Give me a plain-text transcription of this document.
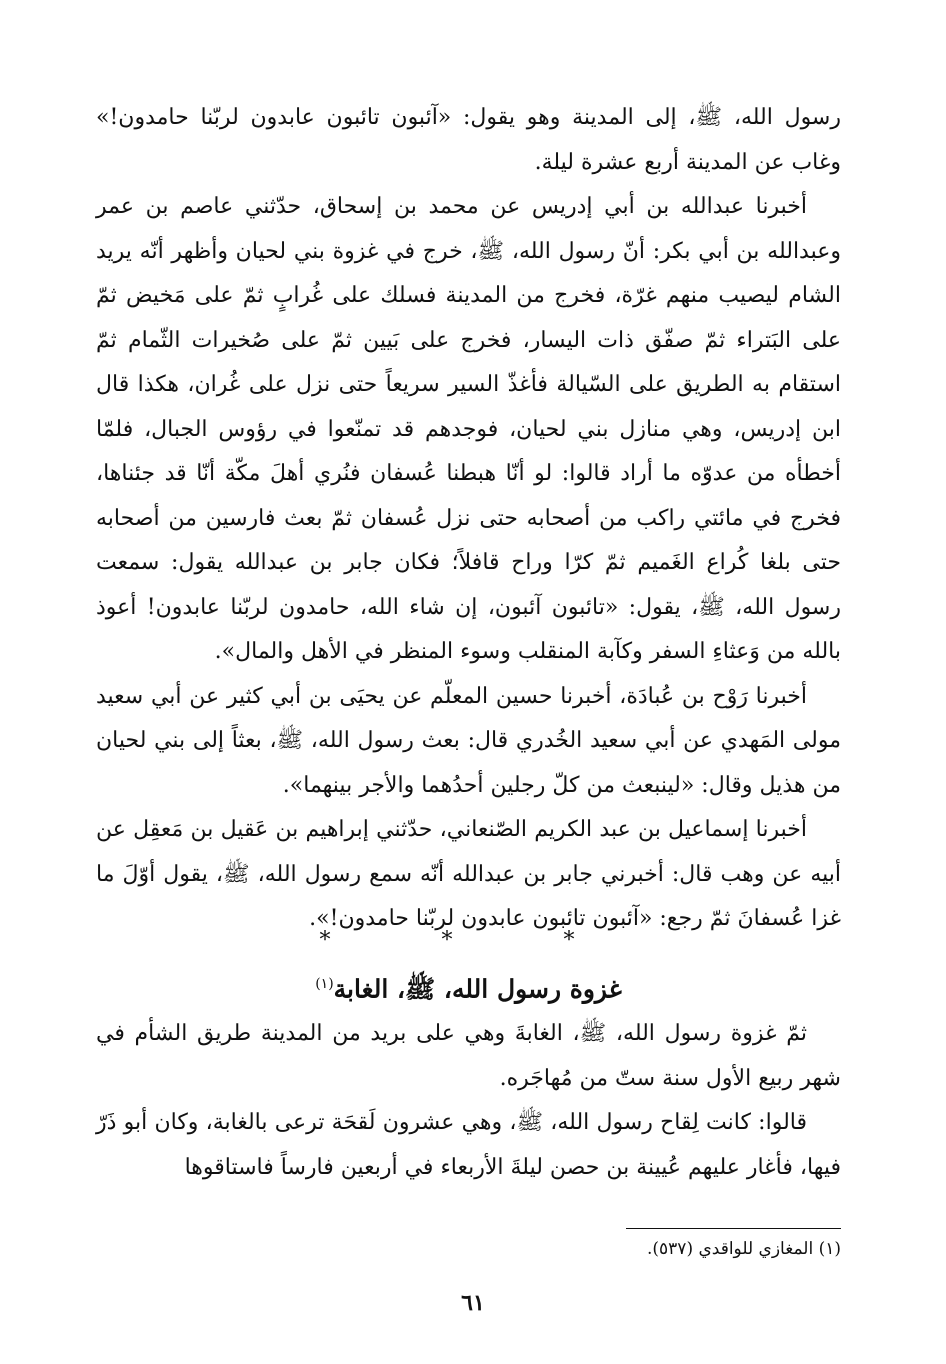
رسول الله، ﷺ، إلى المدينة وهو يقول: «آئبون تائبون عابدون لربّنا حامدون!» وغاب عن المدينة أربع عشرة ليلة.

أخبرنا عبدالله بن أبي إدريس عن محمد بن إسحاق، حدّثني عاصم بن عمر وعبدالله بن أبي بكر: أنّ رسول الله، ﷺ، خرج في غزوة بني لحيان وأظهر أنّه يريد الشام ليصيب منهم غرّة، فخرج من المدينة فسلك على غُرابٍ ثمّ على مَخيض ثمّ على البَتراء ثمّ صفّق ذات اليسار، فخرج على بَيين ثمّ على صُخيرات الثّمام ثمّ استقام به الطريق على السّيالة فأغذّ السير سريعاً حتى نزل على غُران، هكذا قال ابن إدريس، وهي منازل بني لحيان، فوجدهم قد تمنّعوا في رؤوس الجبال، فلمّا أخطأه من عدوّه ما أراد قالوا: لو أنّا هبطنا عُسفان فنُري أهلَ مكّة أنّا قد جئناها، فخرج في مائتي راكب من أصحابه حتى نزل عُسفان ثمّ بعث فارسين من أصحابه حتى بلغا كُراع الغَميم ثمّ كرّا وراح قافلاً؛ فكان جابر بن عبدالله يقول: سمعت رسول الله، ﷺ، يقول: «تائبون آئبون، إن شاء الله، حامدون لربّنا عابدون! أعوذ بالله من وَعثاءِ السفر وكآبة المنقلب وسوء المنظر في الأهل والمال».

أخبرنا رَوْح بن عُبادَة، أخبرنا حسين المعلّم عن يحيَى بن أبي كثير عن أبي سعيد مولى المَهدي عن أبي سعيد الخُدري قال: بعث رسول الله، ﷺ، بعثاً إلى بني لحيان من هذيل وقال: «لينبعث من كلّ رجلين أحدُهما والأجر بينهما».

أخبرنا إسماعيل بن عبد الكريم الصّنعاني، حدّثني إبراهيم بن عَقيل بن مَعقِل عن أبيه عن وهب قال: أخبرني جابر بن عبدالله أنّه سمع رسول الله، ﷺ، يقول أوّلَ ما غزا عُسفانَ ثمّ رجع: «آئبون تائبون عابدون لربّنا حامدون!».

* * *
غزوة رسول الله، ﷺ، الغابة$^{(١)}$

ثمّ غزوة رسول الله، ﷺ، الغابةَ وهي على بريد من المدينة طريق الشأم في شهر ربيع الأول سنة ستّ من مُهاجَره.

قالوا: كانت لِقاح رسول الله، ﷺ، وهي عشرون لَقحَة ترعى بالغابة، وكان أبو ذَرّ فيها، فأغار عليهم عُيينة بن حصن ليلةَ الأربعاء في أربعين فارساً فاستاقوها

(١) المغازي للواقدي (٥٣٧).
٦١
